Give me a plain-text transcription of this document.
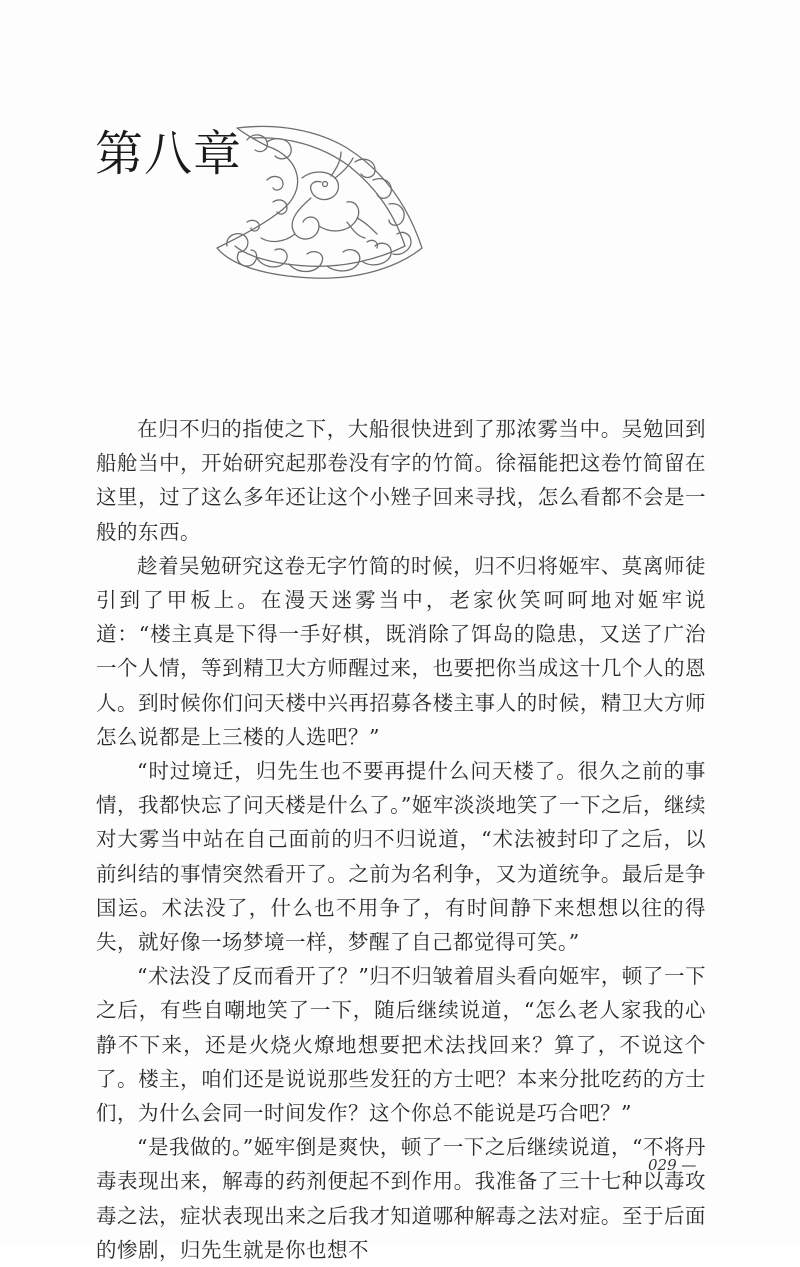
第八章

在归不归的指使之下，大船很快进到了那浓雾当中。吴勉回到船舱当中，开始研究起那卷没有字的竹简。徐福能把这卷竹简留在这里，过了这么多年还让这个小矬子回来寻找，怎么看都不会是一般的东西。

趁着吴勉研究这卷无字竹简的时候，归不归将姬牢、莫离师徒引到了甲板上。在漫天迷雾当中，老家伙笑呵呵地对姬牢说道：“楼主真是下得一手好棋，既消除了饵岛的隐患，又送了广治一个人情，等到精卫大方师醒过来，也要把你当成这十几个人的恩人。到时候你们问天楼中兴再招募各楼主事人的时候，精卫大方师怎么说都是上三楼的人选吧？”

“时过境迁，归先生也不要再提什么问天楼了。很久之前的事情，我都快忘了问天楼是什么了。”姬牢淡淡地笑了一下之后，继续对大雾当中站在自己面前的归不归说道，“术法被封印了之后，以前纠结的事情突然看开了。之前为名利争，又为道统争。最后是争国运。术法没了，什么也不用争了，有时间静下来想想以往的得失，就好像一场梦境一样，梦醒了自己都觉得可笑。”

“术法没了反而看开了？”归不归皱着眉头看向姬牢，顿了一下之后，有些自嘲地笑了一下，随后继续说道，“怎么老人家我的心静不下来，还是火烧火燎地想要把术法找回来？算了，不说这个了。楼主，咱们还是说说那些发狂的方士吧？本来分批吃药的方士们，为什么会同一时间发作？这个你总不能说是巧合吧？”

“是我做的。”姬牢倒是爽快，顿了一下之后继续说道，“不将丹毒表现出来，解毒的药剂便起不到作用。我准备了三十七种以毒攻毒之法，症状表现出来之后我才知道哪种解毒之法对症。至于后面的惨剧，归先生就是你也想不

029 —
